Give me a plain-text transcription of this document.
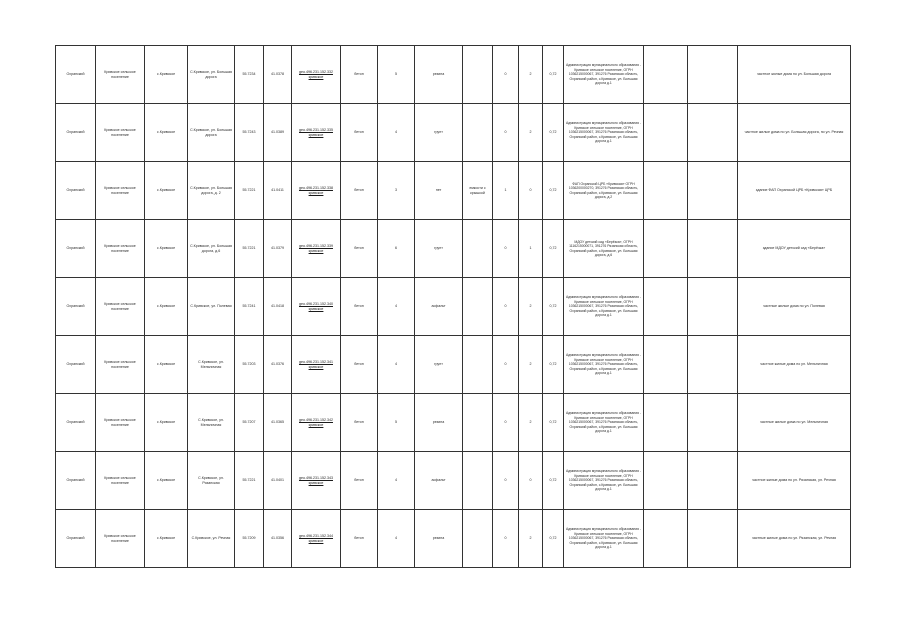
Охранский	Кривское сельское поселение	с.Кривское	С.Кривское, ул. Большая дорога	55.7234	41.0378	geo.496.231.152.332 кривское	бетон	5	резина		0	2	0,72	Администрация муниципального образования - Кривское сельское поселение, ОГРН 1036215000067, 391276 Рязанская область, Охранский район, с.Кривское, ул. Большая дорога д.1			частное жилые дома по ул. Большая дорога
Охранский	Кривское сельское поселение	с.Кривское	С.Кривское, ул. Большая дорога	55.7243	41.0389	geo.496.231.152.335 кривское	бетон	4	грунт		0	2	0,72	Администрация муниципального образования - Кривское сельское поселение, ОГРН 1036215000067, 391276 Рязанская область, Охранский район, с.Кривское, ул. Большая дорога д.1			частное жилые дома по ул. Большая дорога, по ул. Речная
Охранский	Кривское сельское поселение	с.Кривское	С.Кривское, ул. Большая дорога, д. 2	55.7221	41.0411	geo.496.231.152.338 кривское	бетон	3	нет	емкости с крышкой	1	0	0,72	ФАП Охранской ЦРБ «Кривская» ОГРН 1036200000270, 391276 Рязанская область, Охранский район, с.Кривское, ул. Большая дорога, д.2			здание ФАП Охранской ЦРБ «Кривская» ЦРБ
Охранский	Кривское сельское поселение	с.Кривское	С.Кривское, ул. Большая дорога, д.6	55.7221	41.0379	geo.496.231.152.339 кривское	бетон	6	грунт		0	1	0,72	МДОУ детский сад «Берёзка», ОГРН 1116215000071, 391276 Рязанская область, Охранский район, с.Кривское, ул. Большая дорога, д.6			здание МДОУ детский сад «Берёзка»
Охранский	Кривское сельское поселение	с.Кривское	С.Кривское, ул. Полевая	55.7241	41.0418	geo.496.231.152.340 кривское	бетон	4	асфальт		0	2	0,72	Администрация муниципального образования - Кривское сельское поселение, ОГРН 1036215000067, 391276 Рязанская область, Охранский район, с.Кривское, ул. Большая дорога д.1			частные жилые дома по ул. Полевая
Охранский	Кривское сельское поселение	с.Кривское	С.Кривское, ул. Мельничная	55.7203	41.0376	geo.496.231.152.341 кривское	бетон	4	грунт		0	2	0,72	Администрация муниципального образования - Кривское сельское поселение, ОГРН 1036215000067, 391276 Рязанская область, Охранский район, с.Кривское, ул. Большая дорога д.1			частное жилые дома по ул. Мельничная
Охранский	Кривское сельское поселение	с.Кривское	С.Кривское, ул. Мельничная	55.7207	41.0365	geo.496.231.152.342 кривское	бетон	5	резина		0	2	0,72	Администрация муниципального образования - Кривское сельское поселение, ОГРН 1036215000067, 391276 Рязанская область, Охранский район, с.Кривское, ул. Большая дорога д.1			частные жилые дома по ул. Мельничная
Охранский	Кривское сельское поселение	с.Кривское	С.Кривское, ул. Рязанская	55.7221	41.0401	geo.496.231.152.343 кривское	бетон	4	асфальт		0	0	0,72	Администрация муниципального образования - Кривское сельское поселение, ОГРН 1036215000067, 391276 Рязанская область, Охранский район, с.Кривское, ул. Большая дорога д.1			частное жилые дома по ул. Рязанская, ул. Речная
Охранский	Кривское сельское поселение	с.Кривское	С.Кривское, ул. Речная	55.7209	41.0356	geo.496.231.152.344 кривское	бетон	4	резина		0	2	0,72	Администрация муниципального образования - Кривское сельское поселение, ОГРН 1036215000067, 391276 Рязанская область, Охранский район, с.Кривское, ул. Большая дорога д.1			частные жилые дома по ул. Рязанская, ул. Речная
